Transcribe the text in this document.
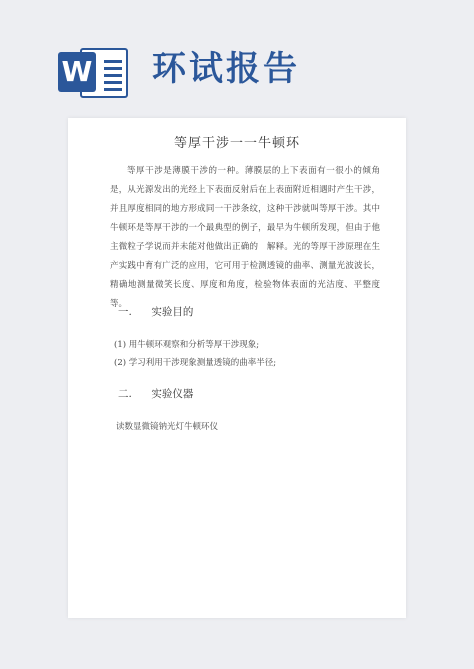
W 环试报告
等厚干涉一一牛顿环

等厚干涉是薄膜干涉的一种。薄膜层的上下表面有一很小的倾角是，从光源发出的光经上下表面反射后在上表面附近相遇时产生干涉，并且厚度相同的地方形成同一干涉条纹，这种干涉就叫等厚干涉。其中牛顿环是等厚干涉的一个最典型的例子，最早为牛顿所发现，但由于他主微粒子学说而并未能对他做出正确的　解释。光的等厚干涉原理在生产实践中育有广泛的应用，它可用于检测透镜的曲率、测量光波波长，精确地测量微笑长度、厚度和角度，检验物体表面的光洁度、平整度等。

一. 实验目的
(1) 用牛顿环观察和分析等厚干涉现象;
(2) 学习利用干涉现象测量透镜的曲率半径;
二. 实验仪器
读数显微镜钠光灯牛顿环仪
